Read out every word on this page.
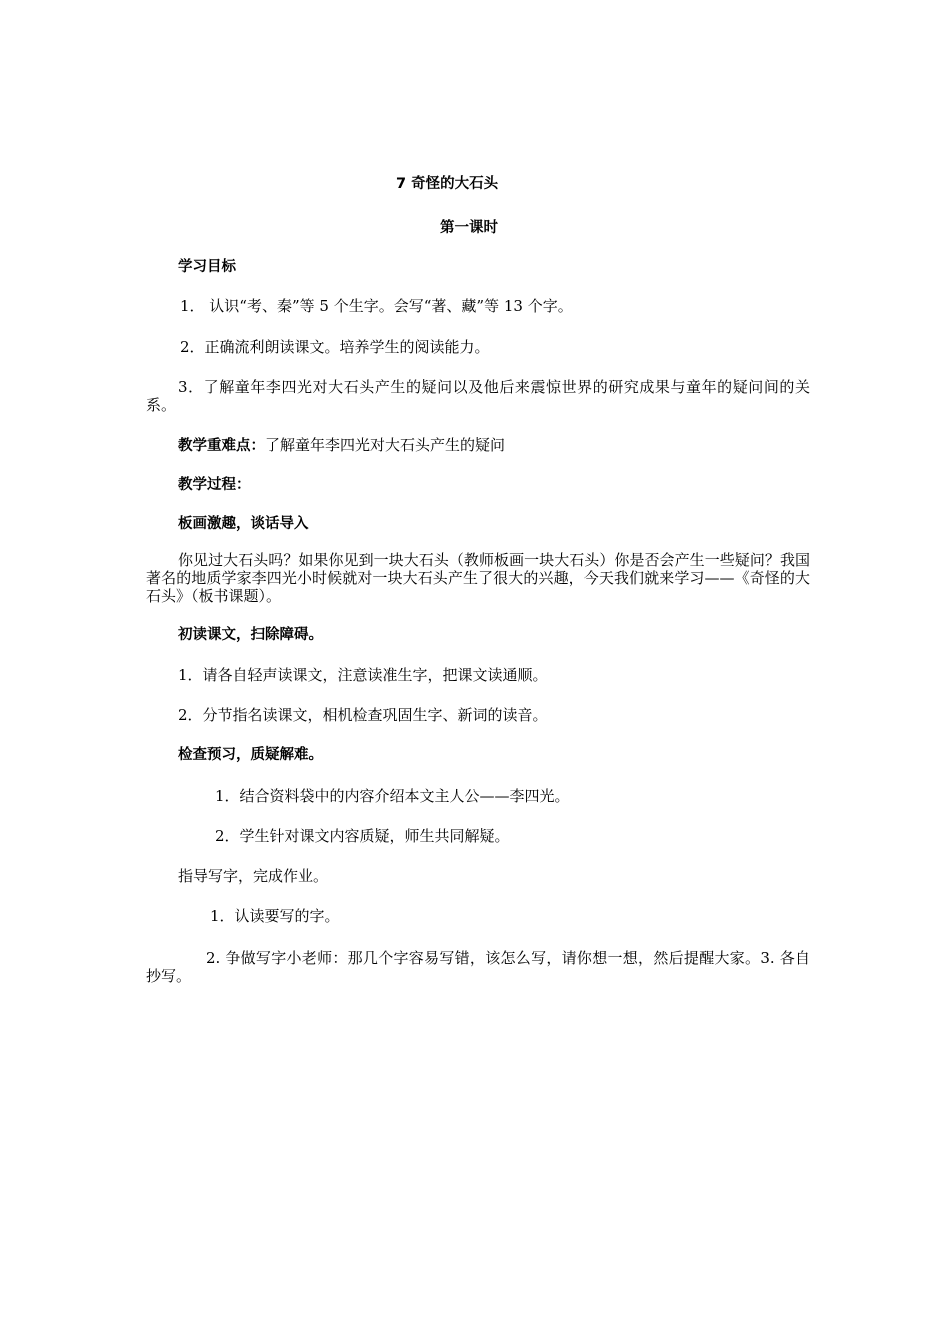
7 奇怪的大石头
第一课时
学习目标
1． 认识“考、秦”等 5 个生字。会写“著、藏”等 13 个字。
2．正确流利朗读课文。培养学生的阅读能力。
3．了解童年李四光对大石头产生的疑问以及他后来震惊世界的研究成果与童年的疑问间的关系。
教学重难点：了解童年李四光对大石头产生的疑问
教学过程：
板画激趣，谈话导入
你见过大石头吗？如果你见到一块大石头（教师板画一块大石头）你是否会产生一些疑问？我国著名的地质学家李四光小时候就对一块大石头产生了很大的兴趣，今天我们就来学习——《奇怪的大石头》（板书课题）。
初读课文，扫除障碍。
1．请各自轻声读课文，注意读准生字，把课文读通顺。
2．分节指名读课文，相机检查巩固生字、新词的读音。
检查预习，质疑解难。
1．结合资料袋中的内容介绍本文主人公——李四光。
2．学生针对课文内容质疑，师生共同解疑。
指导写字，完成作业。
1．认读要写的字。
2. 争做写字小老师：那几个字容易写错，该怎么写，请你想一想，然后提醒大家。3. 各自抄写。
